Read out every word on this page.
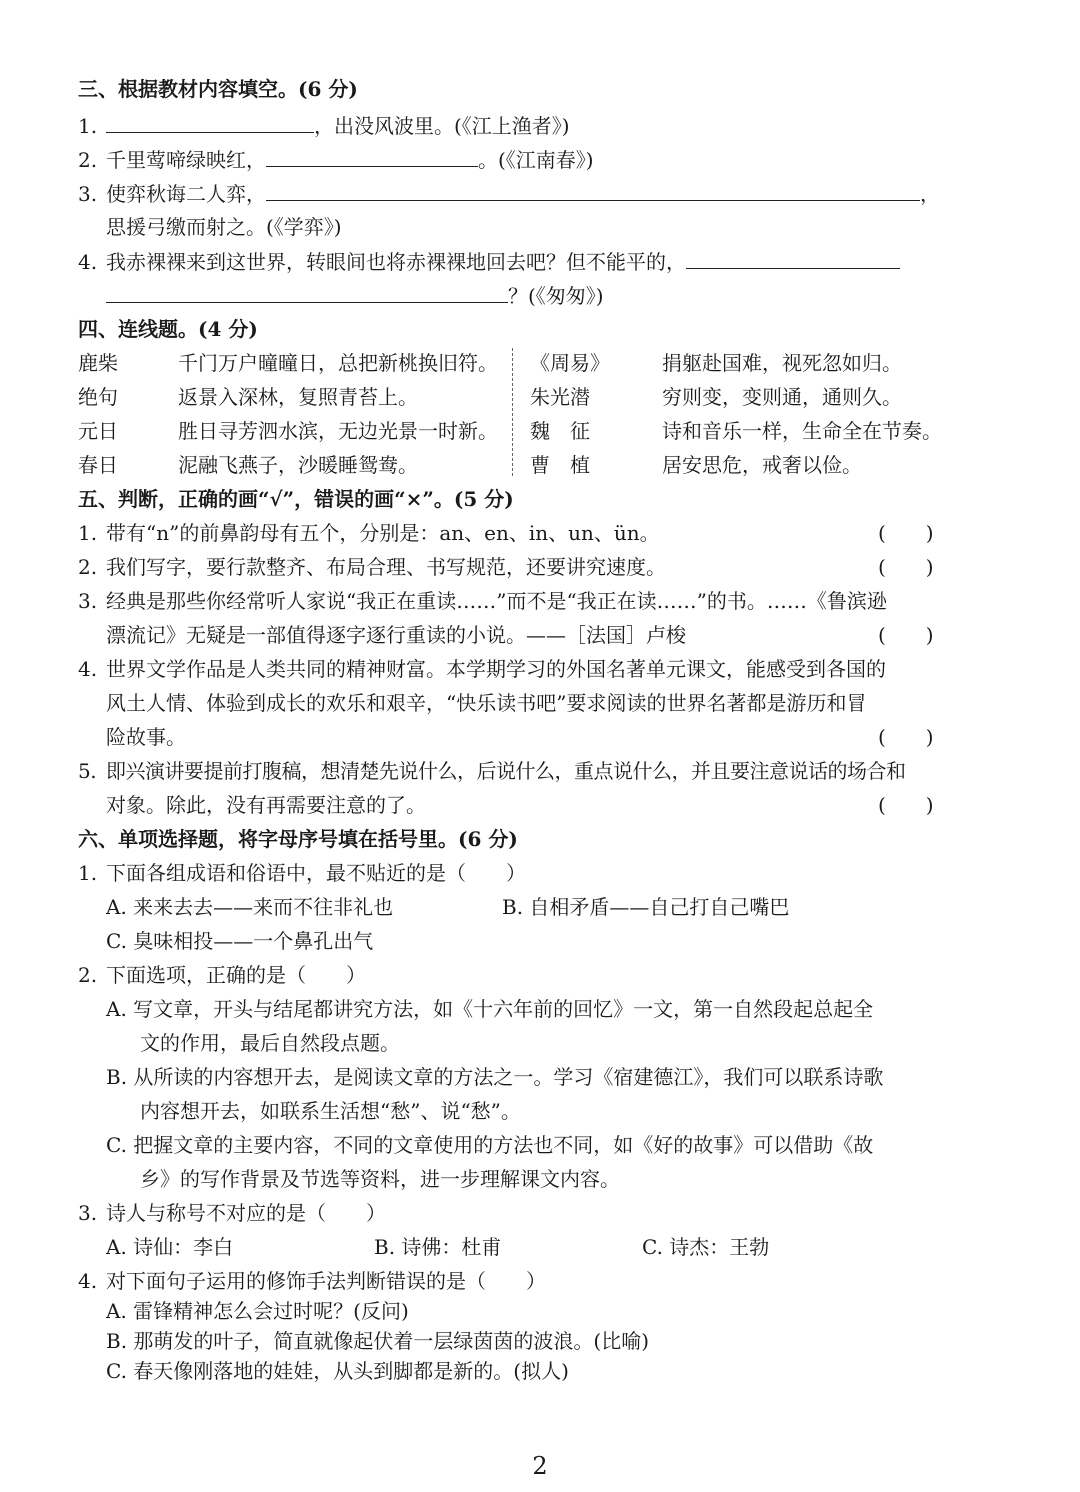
三、根据教材内容填空。(6 分)
1.	，出没风波里。(《江上渔者》)
2. 千里莺啼绿映红，	。(《江南春》)
3. 使弈秋诲二人弈，	，
思援弓缴而射之。(《学弈》)
4. 我赤裸裸来到这世界，转眼间也将赤裸裸地回去吧？但不能平的，
？(《匆匆》)
四、连线题。(4 分)
鹿柴	千门万户曈曈日，总把新桃换旧符。
绝句	返景入深林，复照青苔上。
元日	胜日寻芳泗水滨，无边光景一时新。
春日	泥融飞燕子，沙暖睡鸳鸯。
《周易》	捐躯赴国难，视死忽如归。
朱光潜	穷则变，变则通，通则久。
魏　征	诗和音乐一样，生命全在节奏。
曹　植	居安思危，戒奢以俭。
五、判断，正确的画“√”，错误的画“×”。(5 分)
1. 带有“n”的前鼻韵母有五个，分别是：an、en、in、un、ün。	(　　)
2. 我们写字，要行款整齐、布局合理、书写规范，还要讲究速度。	(　　)
3. 经典是那些你经常听人家说“我正在重读……”而不是“我正在读……”的书。……《鲁滨逊
漂流记》无疑是一部值得逐字逐行重读的小说。——［法国］卢梭	(　　)
4. 世界文学作品是人类共同的精神财富。本学期学习的外国名著单元课文，能感受到各国的
风土人情、体验到成长的欢乐和艰辛，“快乐读书吧”要求阅读的世界名著都是游历和冒
险故事。	(　　)
5. 即兴演讲要提前打腹稿，想清楚先说什么，后说什么，重点说什么，并且要注意说话的场合和
对象。除此，没有再需要注意的了。	(　　)
六、单项选择题，将字母序号填在括号里。(6 分)
1. 下面各组成语和俗语中，最不贴近的是（　　）
A. 来来去去——来而不往非礼也	B. 自相矛盾——自己打自己嘴巴
C. 臭味相投——一个鼻孔出气
2. 下面选项，正确的是（　　）
A. 写文章，开头与结尾都讲究方法，如《十六年前的回忆》一文，第一自然段起总起全
文的作用，最后自然段点题。
B. 从所读的内容想开去，是阅读文章的方法之一。学习《宿建德江》，我们可以联系诗歌
内容想开去，如联系生活想“愁”、说“愁”。
C. 把握文章的主要内容，不同的文章使用的方法也不同，如《好的故事》可以借助《故
乡》的写作背景及节选等资料，进一步理解课文内容。
3. 诗人与称号不对应的是（　　）
A. 诗仙：李白	B. 诗佛：杜甫	C. 诗杰：王勃
4. 对下面句子运用的修饰手法判断错误的是（　　）
A. 雷锋精神怎么会过时呢？(反问)
B. 那萌发的叶子，简直就像起伏着一层绿茵茵的波浪。(比喻)
C. 春天像刚落地的娃娃，从头到脚都是新的。(拟人)
2
